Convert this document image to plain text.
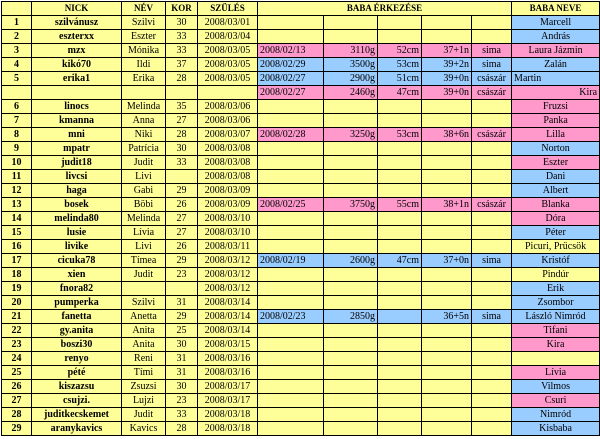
	NICK	NÉV	KOR	SZÜLÉS	BABA ÉRKEZÉSE					BABA NEVE
1	szilvánusz	Szilvi	30	2008/03/01						Marcell
2	eszterxx	Eszter	33	2008/03/04						András
3	mzx	Mónika	33	2008/03/05	2008/02/13	3110g	52cm	37+1n	sima	Laura Jázmin
4	kikó70	Ildi	37	2008/03/05	2008/02/29	3500g	53cm	39+2n	sima	Zalán
5	erika1	Erika	28	2008/03/05	2008/02/27	2900g	51cm	39+0n	császár	Martin
					2008/02/27	2460g	47cm	39+0n	császár	Kira
6	linocs	Melinda	35	2008/03/06						Fruzsi
7	kmanna	Anna	27	2008/03/06						Panka
8	mni	Niki	28	2008/03/07	2008/02/28	3250g	53cm	38+6n	császár	Lilla
9	mpatr	Patrícia	30	2008/03/08						Norton
10	judit18	Judit	33	2008/03/08						Eszter
11	livcsi	Livi		2008/03/08						Dani
12	haga	Gabi	29	2008/03/09						Albert
13	bosek	Böbi	26	2008/03/09	2008/02/25	3750g	55cm	38+1n	császár	Blanka
14	melinda80	Melinda	27	2008/03/10						Dóra
15	lusie	Lívia	27	2008/03/10						Péter
16	livike	Livi	26	2008/03/11						Picuri, Prücsök
17	cicuka78	Tímea	29	2008/03/12	2008/02/19	2600g	47cm	37+0n	sima	Kristóf
18	xien	Judit	23	2008/03/12						Pindúr
19	fnora82			2008/03/12						Erik
20	pumperka	Szilvi	31	2008/03/14						Zsombor
21	fanetta	Anetta	29	2008/03/14	2008/02/23	2850g		36+5n	sima	László Nimród
22	gy.anita	Anita	25	2008/03/14						Tifani
23	boszi30	Anita	30	2008/03/15						Kira
24	renyo	Reni	31	2008/03/16						
25	pété	Tími	31	2008/03/16						Lívia
26	kiszazsu	Zsuzsi	30	2008/03/17						Vilmos
27	csujzi.	Lujzi	23	2008/03/17						Csuri
28	juditkecskemet	Judit	33	2008/03/18						Nimród
29	aranykavics	Kavics	28	2008/03/18						Kisbaba
